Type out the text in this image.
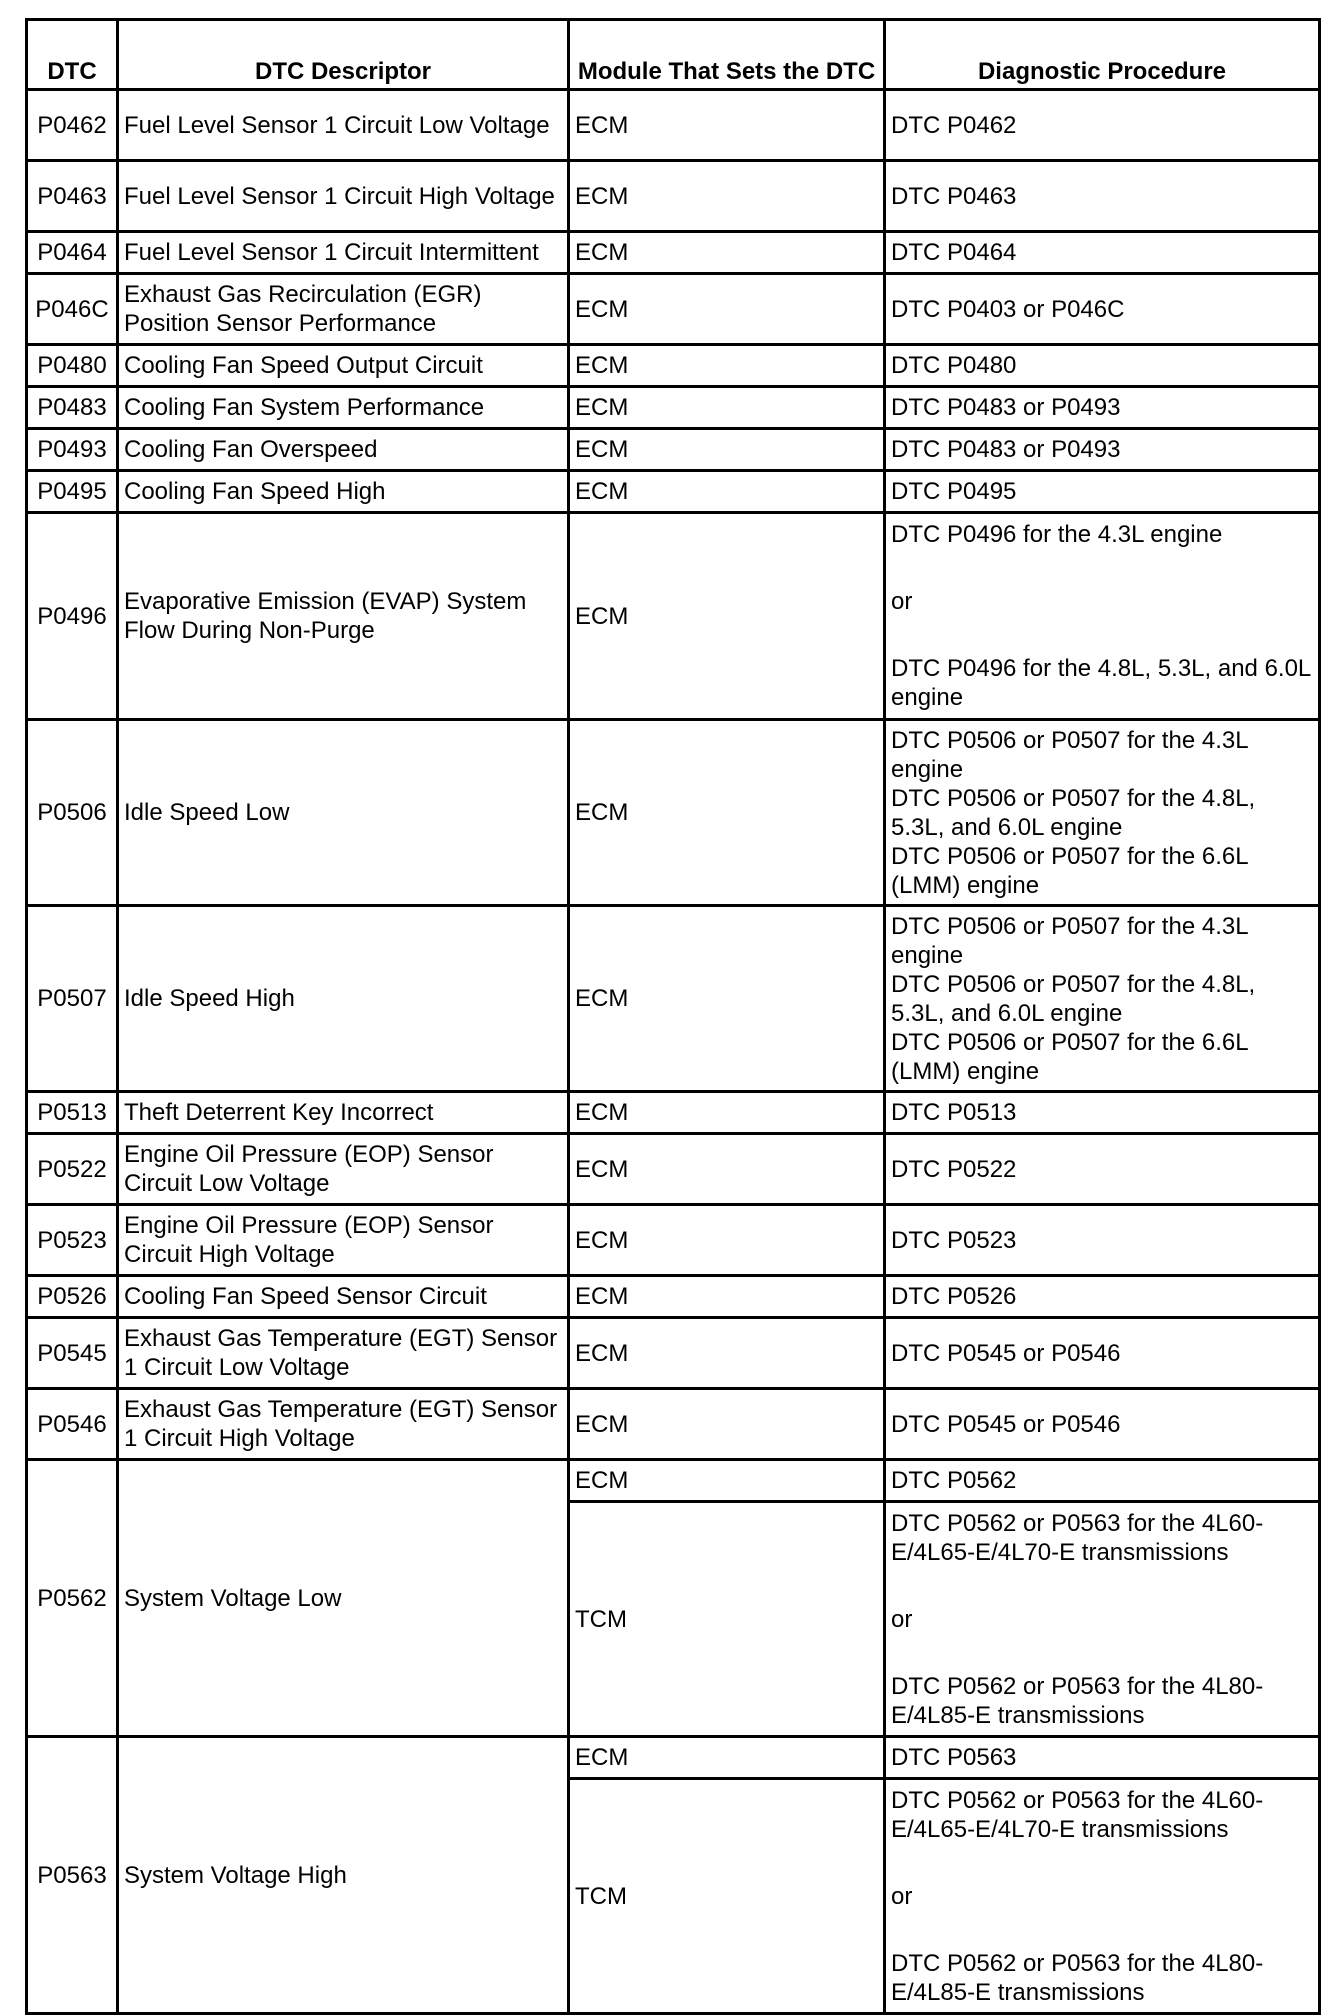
DTC	DTC Descriptor	Module That Sets the DTC	Diagnostic Procedure
P0462	Fuel Level Sensor 1 Circuit Low Voltage	ECM	DTC P0462
P0463	Fuel Level Sensor 1 Circuit High Voltage	ECM	DTC P0463
P0464	Fuel Level Sensor 1 Circuit Intermittent	ECM	DTC P0464
P046C	Exhaust Gas Recirculation (EGR) Position Sensor Performance	ECM	DTC P0403 or P046C
P0480	Cooling Fan Speed Output Circuit	ECM	DTC P0480
P0483	Cooling Fan System Performance	ECM	DTC P0483 or P0493
P0493	Cooling Fan Overspeed	ECM	DTC P0483 or P0493
P0495	Cooling Fan Speed High	ECM	DTC P0495
P0496	Evaporative Emission (EVAP) System Flow During Non-Purge	ECM	DTC P0496 for the 4.3L engine
or
DTC P0496 for the 4.8L, 5.3L, and 6.0L engine
P0506	Idle Speed Low	ECM	DTC P0506 or P0507 for the 4.3L engine
DTC P0506 or P0507 for the 4.8L, 5.3L, and 6.0L engine
DTC P0506 or P0507 for the 6.6L (LMM) engine

P0507	Idle Speed High	ECM	DTC P0506 or P0507 for the 4.3L engine
DTC P0506 or P0507 for the 4.8L, 5.3L, and 6.0L engine
DTC P0506 or P0507 for the 6.6L (LMM) engine

P0513	Theft Deterrent Key Incorrect	ECM	DTC P0513
P0522	Engine Oil Pressure (EOP) Sensor Circuit Low Voltage	ECM	DTC P0522
P0523	Engine Oil Pressure (EOP) Sensor Circuit High Voltage	ECM	DTC P0523
P0526	Cooling Fan Speed Sensor Circuit	ECM	DTC P0526
P0545	Exhaust Gas Temperature (EGT) Sensor 1 Circuit Low Voltage	ECM	DTC P0545 or P0546
P0546	Exhaust Gas Temperature (EGT) Sensor 1 Circuit High Voltage	ECM	DTC P0545 or P0546
P0562	System Voltage Low	ECM	DTC P0562
		TCM	DTC P0562 or P0563 for the 4L60-E/4L65-E/4L70-E transmissions
or
DTC P0562 or P0563 for the 4L80-E/4L85-E transmissions
P0563	System Voltage High	ECM	DTC P0563
		TCM	DTC P0562 or P0563 for the 4L60-E/4L65-E/4L70-E transmissions
or
DTC P0562 or P0563 for the 4L80-E/4L85-E transmissions
